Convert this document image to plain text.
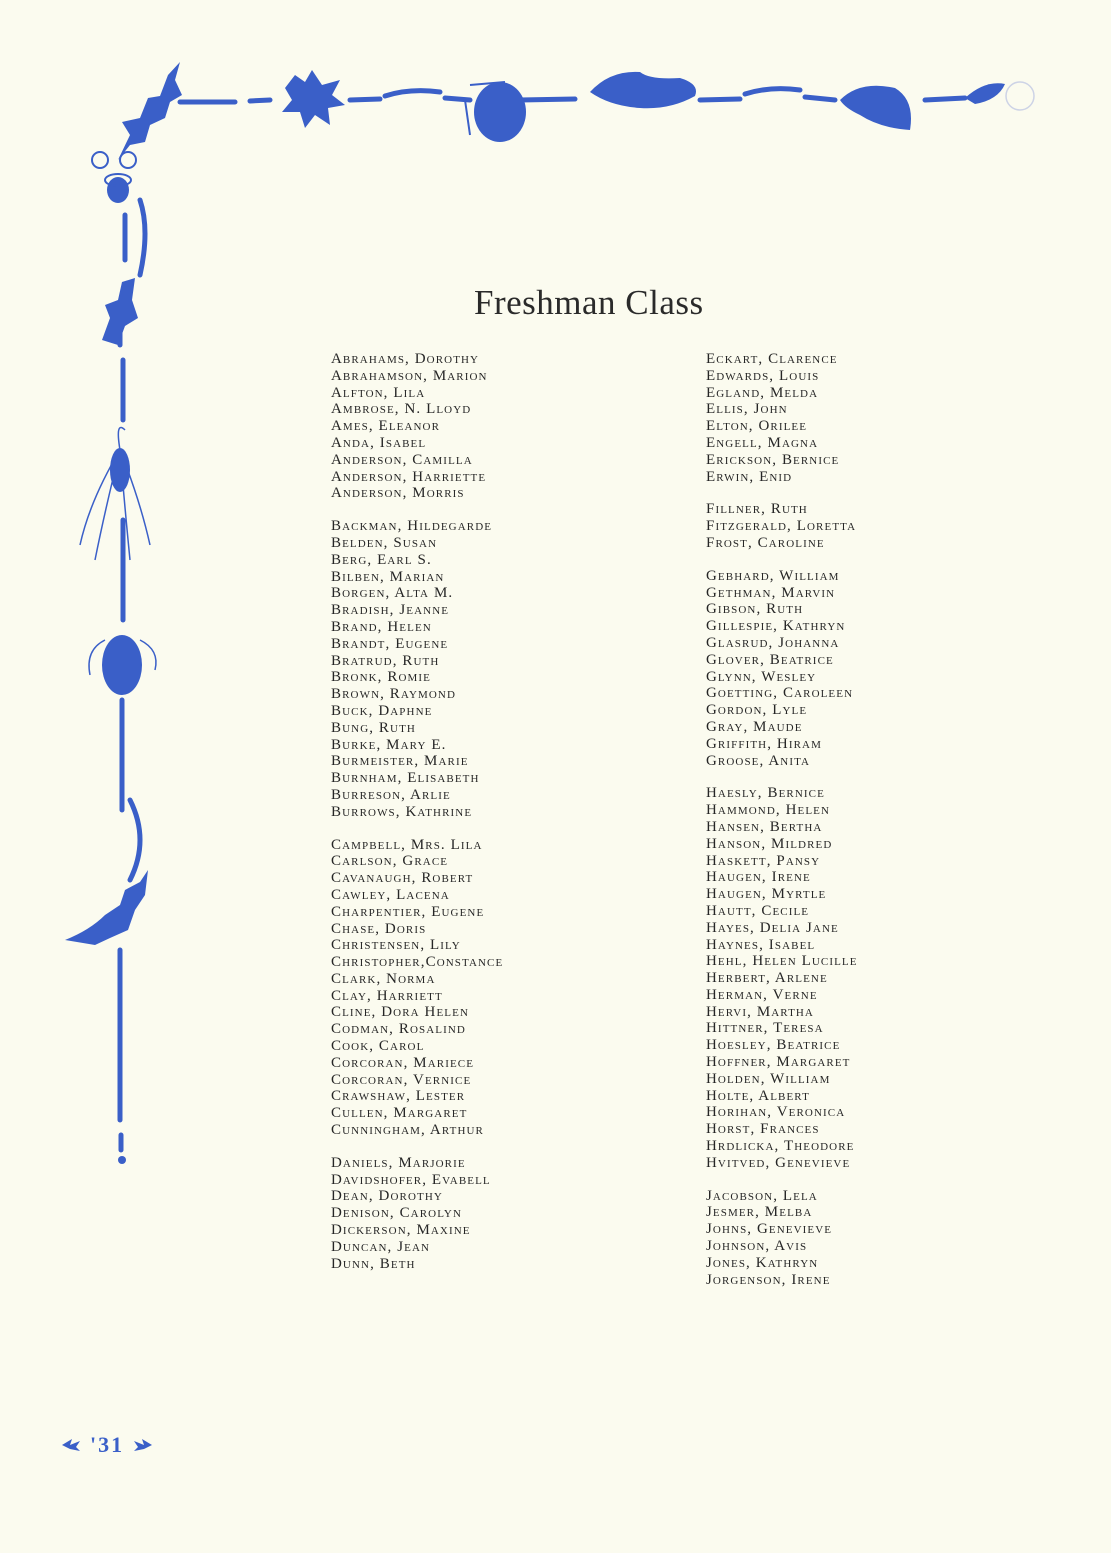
Freshman Class
Abrahams, Dorothy
Abrahamson, Marion
Alfton, Lila
Ambrose, N. Lloyd
Ames, Eleanor
Anda, Isabel
Anderson, Camilla
Anderson, Harriette
Anderson, Morris
Backman, Hildegarde
Belden, Susan
Berg, Earl S.
Bilben, Marian
Borgen, Alta M.
Bradish, Jeanne
Brand, Helen
Brandt, Eugene
Bratrud, Ruth
Bronk, Romie
Brown, Raymond
Buck, Daphne
Bung, Ruth
Burke, Mary E.
Burmeister, Marie
Burnham, Elisabeth
Burreson, Arlie
Burrows, Kathrine
Campbell, Mrs. Lila
Carlson, Grace
Cavanaugh, Robert
Cawley, Lacena
Charpentier, Eugene
Chase, Doris
Christensen, Lily
Christopher,Constance
Clark, Norma
Clay, Harriett
Cline, Dora Helen
Codman, Rosalind
Cook, Carol
Corcoran, Mariece
Corcoran, Vernice
Crawshaw, Lester
Cullen, Margaret
Cunningham, Arthur
Daniels, Marjorie
Davidshofer, Evabell
Dean, Dorothy
Denison, Carolyn
Dickerson, Maxine
Duncan, Jean
Dunn, Beth
Eckart, Clarence
Edwards, Louis
Egland, Melda
Ellis, John
Elton, Orilee
Engell, Magna
Erickson, Bernice
Erwin, Enid
Fillner, Ruth
Fitzgerald, Loretta
Frost, Caroline
Gebhard, William
Gethman, Marvin
Gibson, Ruth
Gillespie, Kathryn
Glasrud, Johanna
Glover, Beatrice
Glynn, Wesley
Goetting, Caroleen
Gordon, Lyle
Gray, Maude
Griffith, Hiram
Groose, Anita
Haesly, Bernice
Hammond, Helen
Hansen, Bertha
Hanson, Mildred
Haskett, Pansy
Haugen, Irene
Haugen, Myrtle
Hautt, Cecile
Hayes, Delia Jane
Haynes, Isabel
Hehl, Helen Lucille
Herbert, Arlene
Herman, Verne
Hervi, Martha
Hittner, Teresa
Hoesley, Beatrice
Hoffner, Margaret
Holden, William
Holte, Albert
Horihan, Veronica
Horst, Frances
Hrdlicka, Theodore
Hvitved, Genevieve
Jacobson, Lela
Jesmer, Melba
Johns, Genevieve
Johnson, Avis
Jones, Kathryn
Jorgenson, Irene
'31
